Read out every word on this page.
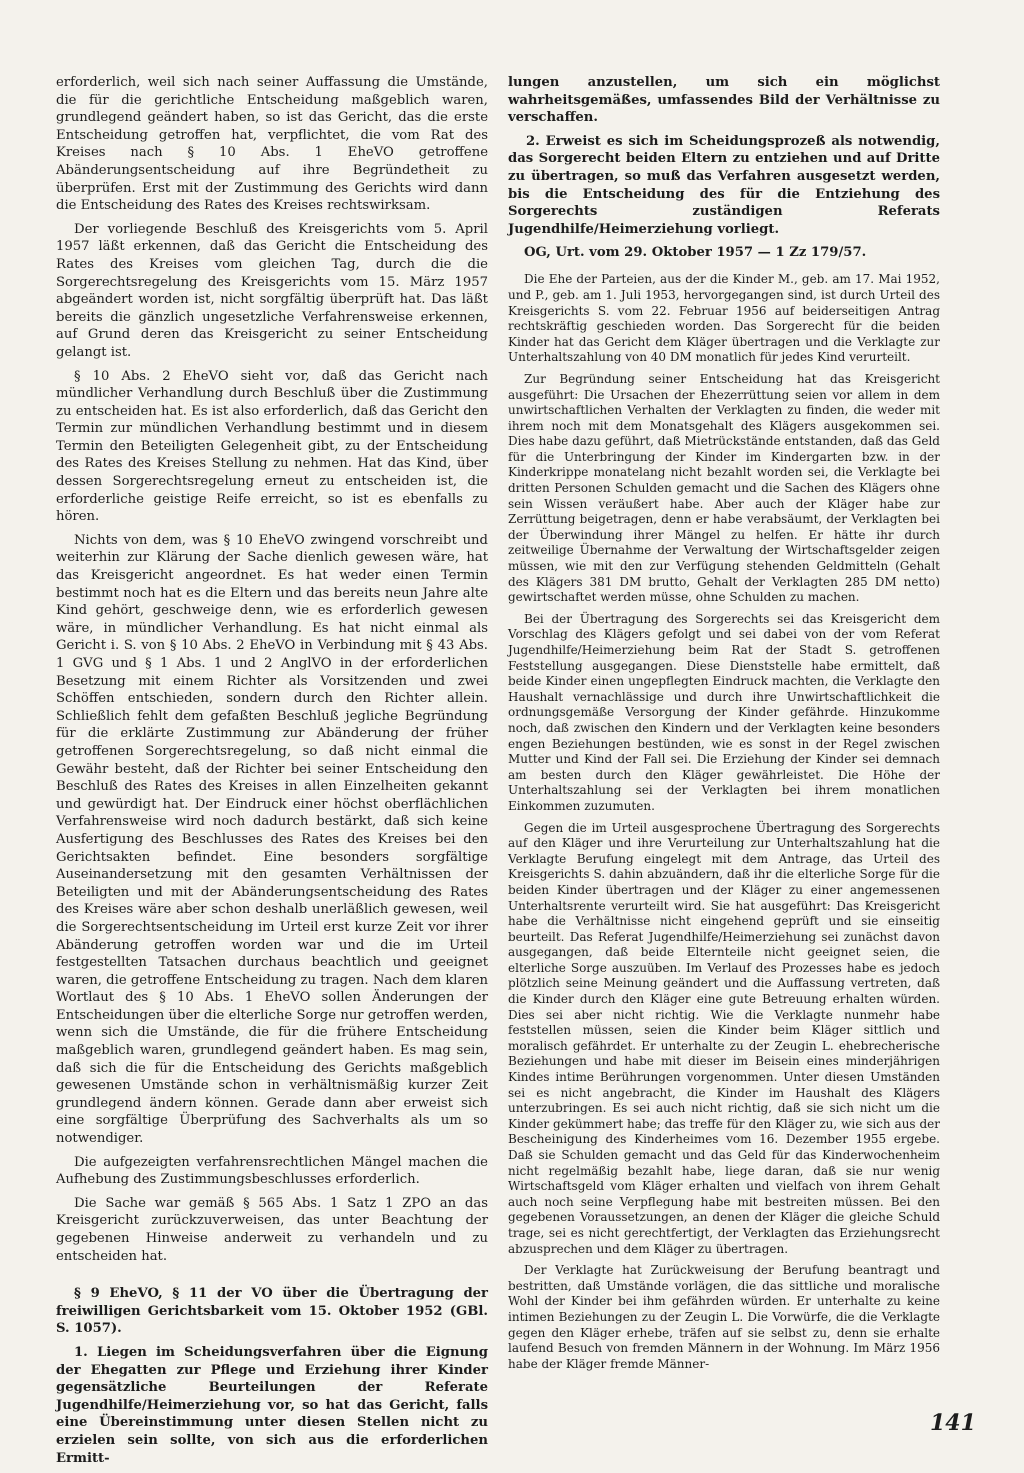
erforderlich, weil sich nach seiner Auffassung die Umstände, die für die gerichtliche Entscheidung maßgeblich waren, grundlegend geändert haben, so ist das Gericht, das die erste Entscheidung getroffen hat, verpflichtet, die vom Rat des Kreises nach § 10 Abs. 1 EheVO getroffene Abänderungsentscheidung auf ihre Begründetheit zu überprüfen. Erst mit der Zustimmung des Gerichts wird dann die Entscheidung des Rates des Kreises rechtswirksam.

Der vorliegende Beschluß des Kreisgerichts vom 5. April 1957 läßt erkennen, daß das Gericht die Entscheidung des Rates des Kreises vom gleichen Tag, durch die die Sorgerechtsregelung des Kreisgerichts vom 15. März 1957 abgeändert worden ist, nicht sorgfältig überprüft hat. Das läßt bereits die gänzlich ungesetzliche Verfahrensweise erkennen, auf Grund deren das Kreisgericht zu seiner Entscheidung gelangt ist.

§ 10 Abs. 2 EheVO sieht vor, daß das Gericht nach mündlicher Verhandlung durch Beschluß über die Zustimmung zu entscheiden hat. Es ist also erforderlich, daß das Gericht den Termin zur mündlichen Verhandlung bestimmt und in diesem Termin den Beteiligten Gelegenheit gibt, zu der Entscheidung des Rates des Kreises Stellung zu nehmen. Hat das Kind, über dessen Sorgerechtsregelung erneut zu entscheiden ist, die erforderliche geistige Reife erreicht, so ist es ebenfalls zu hören.

Nichts von dem, was § 10 EheVO zwingend vorschreibt und weiterhin zur Klärung der Sache dienlich gewesen wäre, hat das Kreisgericht angeordnet. Es hat weder einen Termin bestimmt noch hat es die Eltern und das bereits neun Jahre alte Kind gehört, geschweige denn, wie es erforderlich gewesen wäre, in mündlicher Verhandlung. Es hat nicht einmal als Gericht i. S. von § 10 Abs. 2 EheVO in Verbindung mit § 43 Abs. 1 GVG und § 1 Abs. 1 und 2 AnglVO in der erforderlichen Besetzung mit einem Richter als Vorsitzenden und zwei Schöffen entschieden, sondern durch den Richter allein. Schließlich fehlt dem gefaßten Beschluß jegliche Begründung für die erklärte Zustimmung zur Abänderung der früher getroffenen Sorgerechtsregelung, so daß nicht einmal die Gewähr besteht, daß der Richter bei seiner Entscheidung den Beschluß des Rates des Kreises in allen Einzelheiten gekannt und gewürdigt hat. Der Eindruck einer höchst oberflächlichen Verfahrensweise wird noch dadurch bestärkt, daß sich keine Ausfertigung des Beschlusses des Rates des Kreises bei den Gerichtsakten befindet. Eine besonders sorgfältige Auseinandersetzung mit den gesamten Verhältnissen der Beteiligten und mit der Abänderungsentscheidung des Rates des Kreises wäre aber schon deshalb unerläßlich gewesen, weil die Sorgerechtsentscheidung im Urteil erst kurze Zeit vor ihrer Abänderung getroffen worden war und die im Urteil festgestellten Tatsachen durchaus beachtlich und geeignet waren, die getroffene Entscheidung zu tragen. Nach dem klaren Wortlaut des § 10 Abs. 1 EheVO sollen Änderungen der Entscheidungen über die elterliche Sorge nur getroffen werden, wenn sich die Umstände, die für die frühere Entscheidung maßgeblich waren, grundlegend geändert haben. Es mag sein, daß sich die für die Entscheidung des Gerichts maßgeblich gewesenen Umstände schon in verhältnismäßig kurzer Zeit grundlegend ändern können. Gerade dann aber erweist sich eine sorgfältige Überprüfung des Sachverhalts als um so notwendiger.

Die aufgezeigten verfahrensrechtlichen Mängel machen die Aufhebung des Zustimmungsbeschlusses erforderlich.

Die Sache war gemäß § 565 Abs. 1 Satz 1 ZPO an das Kreisgericht zurückzuverweisen, das unter Beachtung der gegebenen Hinweise anderweit zu verhandeln und zu entscheiden hat.

§ 9 EheVO, § 11 der VO über die Übertragung der freiwilligen Gerichtsbarkeit vom 15. Oktober 1952 (GBl. S. 1057).

1. Liegen im Scheidungsverfahren über die Eignung der Ehegatten zur Pflege und Erziehung ihrer Kinder gegensätzliche Beurteilungen der Referate Jugendhilfe/Heimerziehung vor, so hat das Gericht, falls eine Übereinstimmung unter diesen Stellen nicht zu erzielen sein sollte, von sich aus die erforderlichen Ermitt-

lungen anzustellen, um sich ein möglichst wahrheitsgemäßes, umfassendes Bild der Verhältnisse zu verschaffen.

2. Erweist es sich im Scheidungsprozeß als notwendig, das Sorgerecht beiden Eltern zu entziehen und auf Dritte zu übertragen, so muß das Verfahren ausgesetzt werden, bis die Entscheidung des für die Entziehung des Sorgerechts zuständigen Referats Jugendhilfe/Heimerziehung vorliegt.

OG, Urt. vom 29. Oktober 1957 — 1 Zz 179/57.

Die Ehe der Parteien, aus der die Kinder M., geb. am 17. Mai 1952, und P., geb. am 1. Juli 1953, hervorgegangen sind, ist durch Urteil des Kreisgerichts S. vom 22. Februar 1956 auf beiderseitigen Antrag rechtskräftig geschieden worden. Das Sorgerecht für die beiden Kinder hat das Gericht dem Kläger übertragen und die Verklagte zur Unterhaltszahlung von 40 DM monatlich für jedes Kind verurteilt.

Zur Begründung seiner Entscheidung hat das Kreisgericht ausgeführt: Die Ursachen der Ehezerrüttung seien vor allem in dem unwirtschaftlichen Verhalten der Verklagten zu finden, die weder mit ihrem noch mit dem Monatsgehalt des Klägers ausgekommen sei. Dies habe dazu geführt, daß Mietrückstände entstanden, daß das Geld für die Unterbringung der Kinder im Kindergarten bzw. in der Kinderkrippe monatelang nicht bezahlt worden sei, die Verklagte bei dritten Personen Schulden gemacht und die Sachen des Klägers ohne sein Wissen veräußert habe. Aber auch der Kläger habe zur Zerrüttung beigetragen, denn er habe verabsäumt, der Verklagten bei der Überwindung ihrer Mängel zu helfen. Er hätte ihr durch zeitweilige Übernahme der Verwaltung der Wirtschaftsgelder zeigen müssen, wie mit den zur Verfügung stehenden Geldmitteln (Gehalt des Klägers 381 DM brutto, Gehalt der Verklagten 285 DM netto) gewirtschaftet werden müsse, ohne Schulden zu machen.

Bei der Übertragung des Sorgerechts sei das Kreisgericht dem Vorschlag des Klägers gefolgt und sei dabei von der vom Referat Jugendhilfe/Heimerziehung beim Rat der Stadt S. getroffenen Feststellung ausgegangen. Diese Dienststelle habe ermittelt, daß beide Kinder einen ungepflegten Eindruck machten, die Verklagte den Haushalt vernachlässige und durch ihre Unwirtschaftlichkeit die ordnungsgemäße Versorgung der Kinder gefährde. Hinzukomme noch, daß zwischen den Kindern und der Verklagten keine besonders engen Beziehungen bestünden, wie es sonst in der Regel zwischen Mutter und Kind der Fall sei. Die Erziehung der Kinder sei demnach am besten durch den Kläger gewährleistet. Die Höhe der Unterhaltszahlung sei der Verklagten bei ihrem monatlichen Einkommen zuzumuten.

Gegen die im Urteil ausgesprochene Übertragung des Sorgerechts auf den Kläger und ihre Verurteilung zur Unterhaltszahlung hat die Verklagte Berufung eingelegt mit dem Antrage, das Urteil des Kreisgerichts S. dahin abzuändern, daß ihr die elterliche Sorge für die beiden Kinder übertragen und der Kläger zu einer angemessenen Unterhaltsrente verurteilt wird. Sie hat ausgeführt: Das Kreisgericht habe die Verhältnisse nicht eingehend geprüft und sie einseitig beurteilt. Das Referat Jugendhilfe/Heimerziehung sei zunächst davon ausgegangen, daß beide Elternteile nicht geeignet seien, die elterliche Sorge auszuüben. Im Verlauf des Prozesses habe es jedoch plötzlich seine Meinung geändert und die Auffassung vertreten, daß die Kinder durch den Kläger eine gute Betreuung erhalten würden. Dies sei aber nicht richtig. Wie die Verklagte nunmehr habe feststellen müssen, seien die Kinder beim Kläger sittlich und moralisch gefährdet. Er unterhalte zu der Zeugin L. ehebrecherische Beziehungen und habe mit dieser im Beisein eines minderjährigen Kindes intime Berührungen vorgenommen. Unter diesen Umständen sei es nicht angebracht, die Kinder im Haushalt des Klägers unterzubringen. Es sei auch nicht richtig, daß sie sich nicht um die Kinder gekümmert habe; das treffe für den Kläger zu, wie sich aus der Bescheinigung des Kinderheimes vom 16. Dezember 1955 ergebe. Daß sie Schulden gemacht und das Geld für das Kinderwochenheim nicht regelmäßig bezahlt habe, liege daran, daß sie nur wenig Wirtschaftsgeld vom Kläger erhalten und vielfach von ihrem Gehalt auch noch seine Verpflegung habe mit bestreiten müssen. Bei den gegebenen Voraussetzungen, an denen der Kläger die gleiche Schuld trage, sei es nicht gerechtfertigt, der Verklagten das Erziehungsrecht abzusprechen und dem Kläger zu übertragen.

Der Verklagte hat Zurückweisung der Berufung beantragt und bestritten, daß Umstände vorlägen, die das sittliche und moralische Wohl der Kinder bei ihm gefährden würden. Er unterhalte zu keine intimen Beziehungen zu der Zeugin L. Die Vorwürfe, die die Verklagte gegen den Kläger erhebe, träfen auf sie selbst zu, denn sie erhalte laufend Besuch von fremden Männern in der Wohnung. Im März 1956 habe der Kläger fremde Männer-

141
